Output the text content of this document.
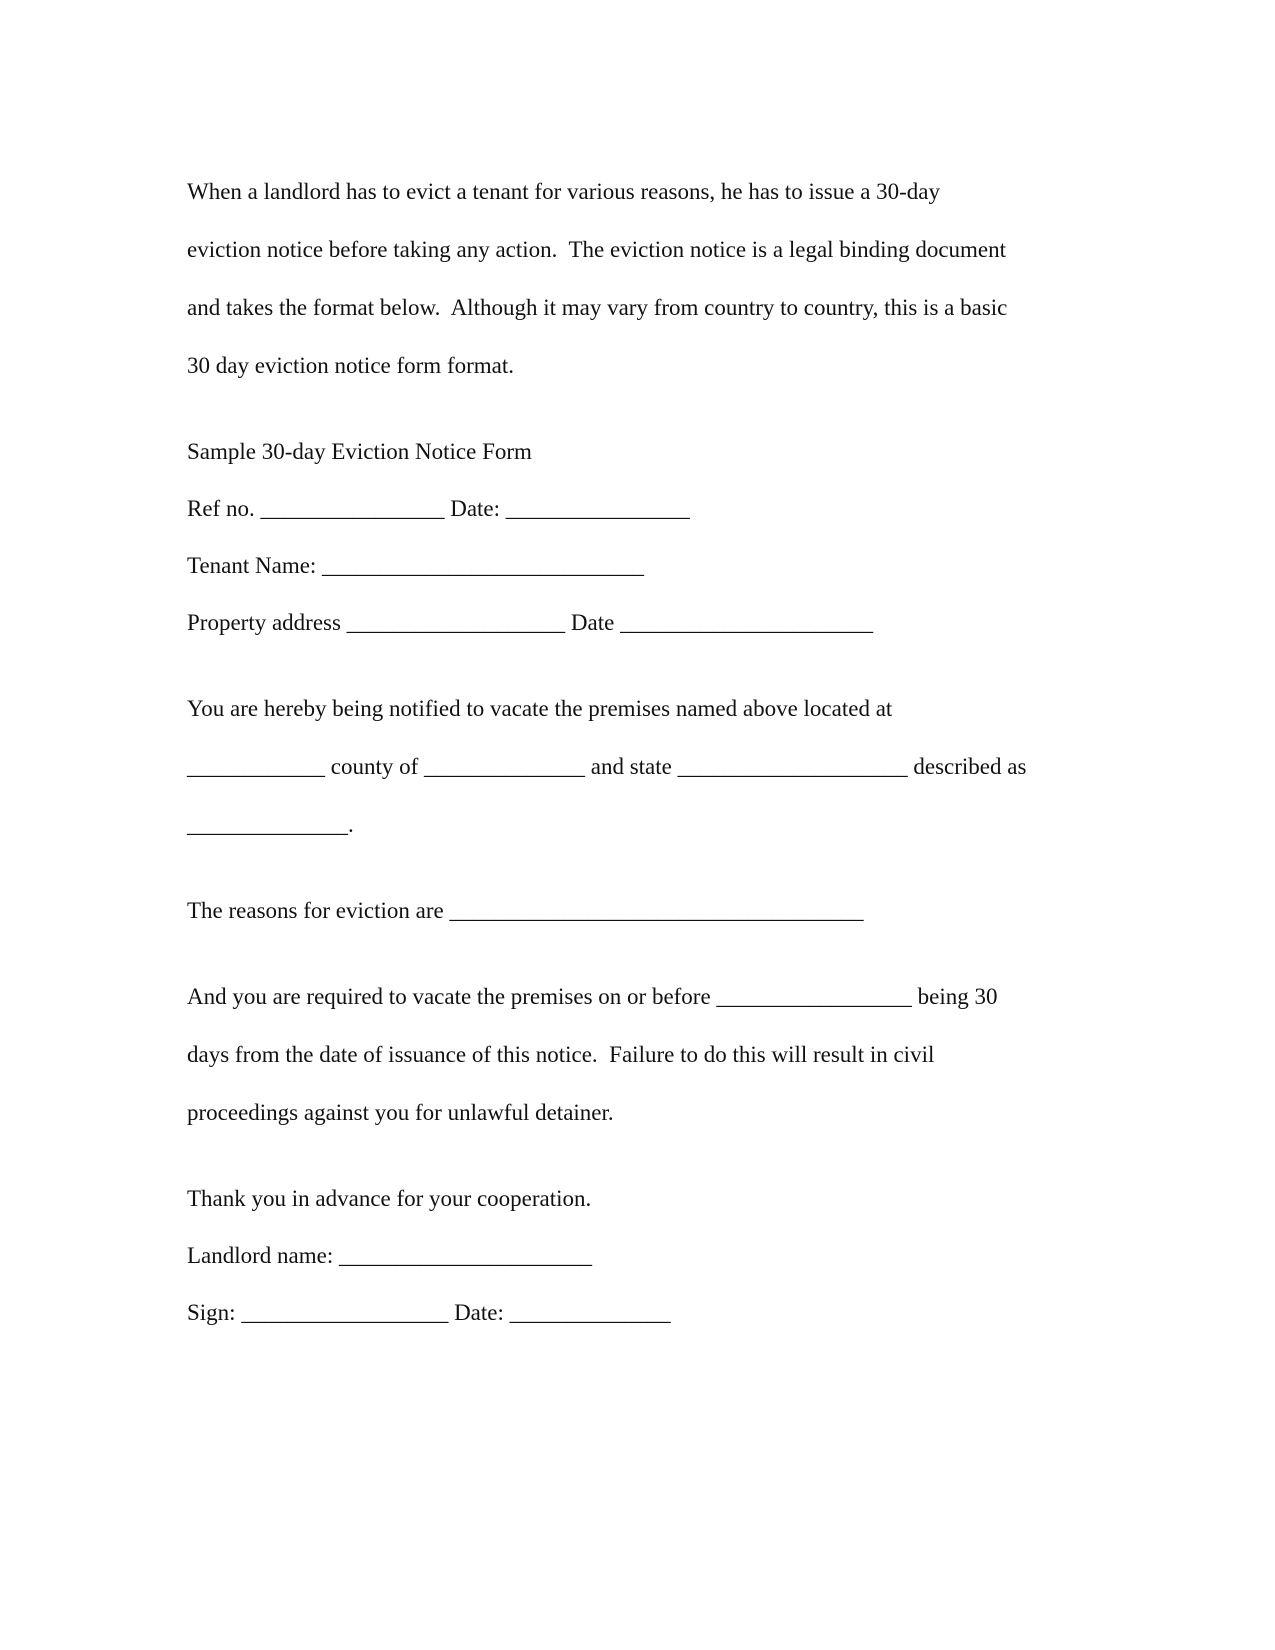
When a landlord has to evict a tenant for various reasons, he has to issue a 30-day

eviction notice before taking any action.  The eviction notice is a legal binding document

and takes the format below.  Although it may vary from country to country, this is a basic

30 day eviction notice form format.

Sample 30-day Eviction Notice Form

Ref no. ________________ Date: ________________

Tenant Name: ____________________________

Property address ___________________ Date ______________________

You are hereby being notified to vacate the premises named above located at

____________ county of ______________ and state ____________________ described as

______________.

The reasons for eviction are ____________________________________

And you are required to vacate the premises on or before _________________ being 30

days from the date of issuance of this notice.  Failure to do this will result in civil

proceedings against you for unlawful detainer.

Thank you in advance for your cooperation.

Landlord name: ______________________

Sign: __________________ Date: ______________
